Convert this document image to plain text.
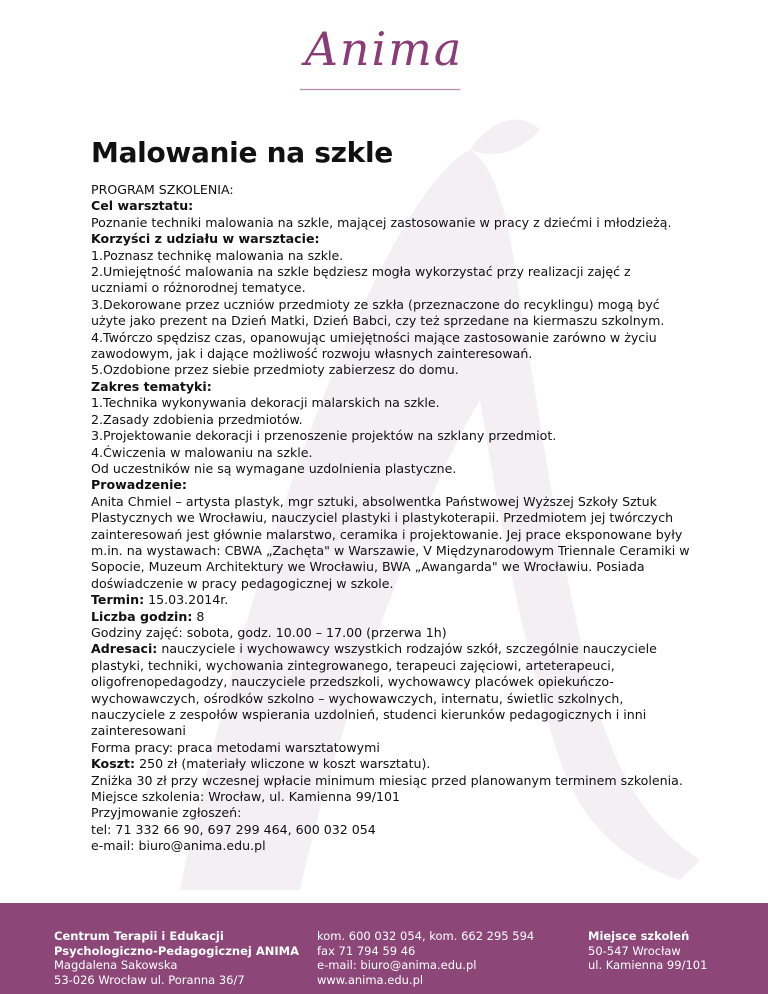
Anima
Malowanie na szkle

PROGRAM SZKOLENIA:

Cel warsztatu:

Poznanie techniki malowania na szkle, mającej zastosowanie w pracy z dziećmi i młodzieżą.

Korzyści z udziału w warsztacie:

1.Poznasz technikę malowania na szkle.

2.Umiejętność malowania na szkle będziesz mogła wykorzystać przy realizacji zajęć z uczniami o różnorodnej tematyce.

3.Dekorowane przez uczniów przedmioty ze szkła (przeznaczone do recyklingu) mogą być użyte jako prezent na Dzień Matki, Dzień Babci, czy też sprzedane na kiermaszu szkolnym.

4.Twórczo spędzisz czas, opanowując umiejętności mające zastosowanie zarówno w życiu zawodowym, jak i dające możliwość rozwoju własnych zainteresowań.

5.Ozdobione przez siebie przedmioty zabierzesz do domu.

Zakres tematyki:

1.Technika wykonywania dekoracji malarskich na szkle.

2.Zasady zdobienia przedmiotów.

3.Projektowanie dekoracji i przenoszenie projektów na szklany przedmiot.

4.Ćwiczenia w malowaniu na szkle.

Od uczestników nie są wymagane uzdolnienia plastyczne.

Prowadzenie:

Anita Chmiel – artysta plastyk, mgr sztuki, absolwentka Państwowej Wyższej Szkoły Sztuk Plastycznych we Wrocławiu, nauczyciel plastyki i plastykoterapii. Przedmiotem jej twórczych zainteresowań jest głównie malarstwo, ceramika i projektowanie. Jej prace eksponowane były m.in. na wystawach: CBWA „Zachęta" w Warszawie, V Międzynarodowym Triennale Ceramiki w Sopocie, Muzeum Architektury we Wrocławiu, BWA „Awangarda" we Wrocławiu. Posiada doświadczenie w pracy pedagogicznej w szkole.

Termin: 15.03.2014r.

Liczba godzin: 8

Godziny zajęć: sobota, godz. 10.00 – 17.00 (przerwa 1h)

Adresaci: nauczyciele i wychowawcy wszystkich rodzajów szkół, szczególnie nauczyciele plastyki, techniki, wychowania zintegrowanego, terapeuci zajęciowi, arteterapeuci, oligofrenopedagodzy, nauczyciele przedszkoli, wychowawcy placówek opiekuńczo-wychowawczych, ośrodków szkolno – wychowawczych, internatu, świetlic szkolnych, nauczyciele z zespołów wspierania uzdolnień, studenci kierunków pedagogicznych i inni zainteresowani

Forma pracy: praca metodami warsztatowymi

Koszt: 250 zł (materiały wliczone w koszt warsztatu).

Zniżka 30 zł przy wczesnej wpłacie minimum miesiąc przed planowanym terminem szkolenia.

Miejsce szkolenia: Wrocław, ul. Kamienna 99/101

Przyjmowanie zgłoszeń:

tel: 71 332 66 90, 697 299 464, 600 032 054

e-mail: biuro@anima.edu.pl

Centrum Terapii i Edukacji

Psychologiczno-Pedagogicznej ANIMA

Magdalena Sakowska

53-026 Wrocław ul. Poranna 36/7

kom. 600 032 054, kom. 662 295 594

fax 71 794 59 46

e-mail: biuro@anima.edu.pl

www.anima.edu.pl

Miejsce szkoleń

50-547 Wrocław

ul. Kamienna 99/101
